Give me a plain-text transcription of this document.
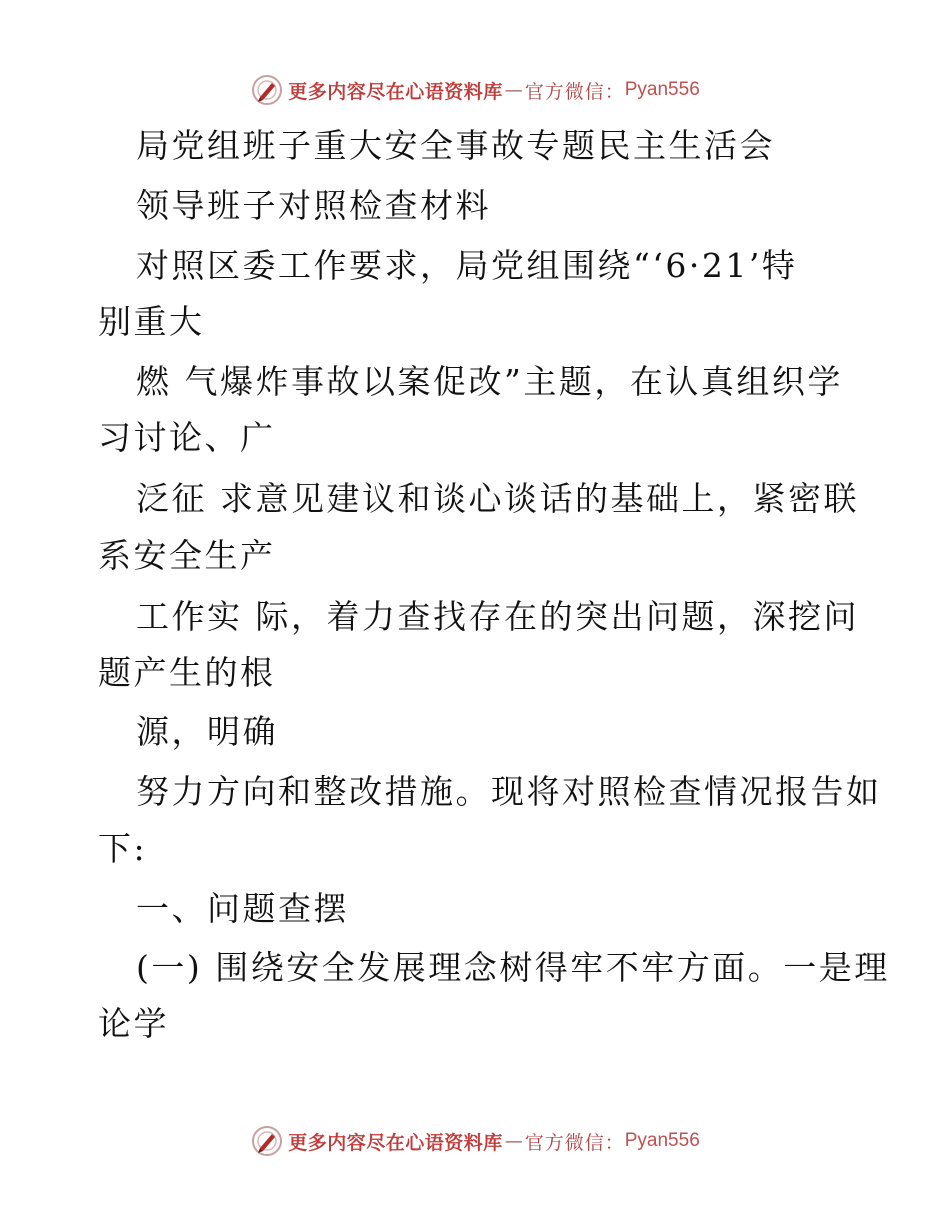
更多内容尽在心语资料库 — 官方微信： Pyan556
局党组班子重大安全事故专题民主生活会
领导班子对照检查材料
对照区委工作要求，局党组围绕“‘6·21’特
别重大
燃 气爆炸事故以案促改”主题，在认真组织学
习讨论、广
泛征 求意见建议和谈心谈话的基础上，紧密联
系安全生产
工作实 际，着力查找存在的突出问题，深挖问
题产生的根
源，明确
努力方向和整改措施。现将对照检查情况报告如
下:
一、问题查摆
(一) 围绕安全发展理念树得牢不牢方面。一是理
论学
更多内容尽在心语资料库 — 官方微信： Pyan556
